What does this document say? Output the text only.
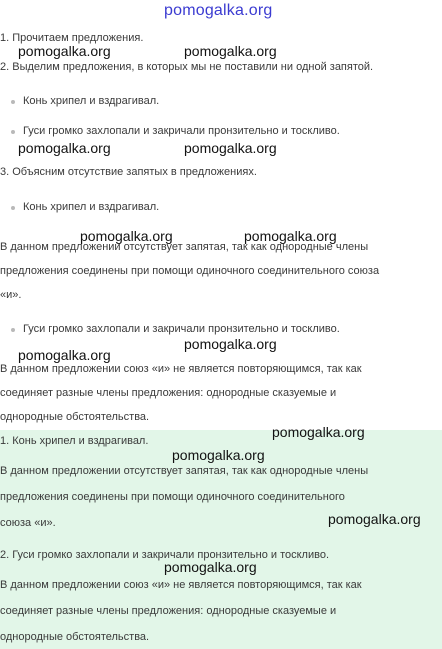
pomogalka.org
1. Прочитаем предложения.
pomogalka.org	pomogalka.org
2. Выделим предложения, в которых мы не поставили ни одной запятой.
Конь хрипел и вздрагивал.
Гуси громко захлопали и закричали пронзительно и тоскливо.
pomogalka.org	pomogalka.org
3. Объясним отсутствие запятых в предложениях.
Конь хрипел и вздрагивал.
pomogalka.org	pomogalka.org
В данном предложении отсутствует запятая, так как однородные члены
предложения соединены при помощи одиночного соединительного союза
«и».
Гуси громко захлопали и закричали пронзительно и тоскливо.
pomogalka.org
pomogalka.org
В данном предложении союз «и» не является повторяющимся, так как
соединяет разные члены предложения: однородные сказуемые и
однородные обстоятельства.
pomogalka.org
1. Конь хрипел и вздрагивал.
pomogalka.org
В данном предложении отсутствует запятая, так как однородные члены
предложения соединены при помощи одиночного соединительного
pomogalka.org
союза «и».
2. Гуси громко захлопали и закричали пронзительно и тоскливо.
pomogalka.org
В данном предложении союз «и» не является повторяющимся, так как
соединяет разные члены предложения: однородные сказуемые и
однородные обстоятельства.
